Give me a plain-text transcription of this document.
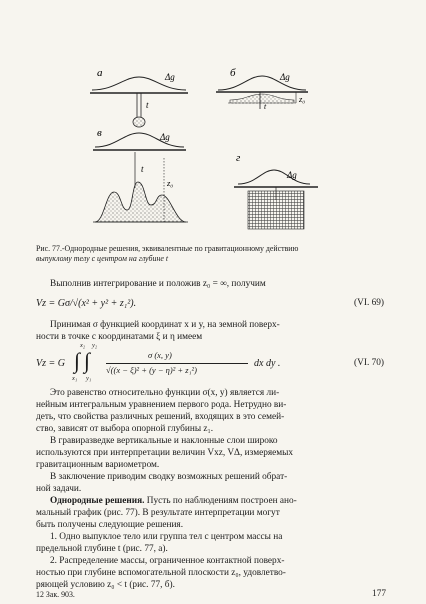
а	Δg
t
б	Δg
t
z₀
в	Δg
t
z₀
г
Δg
Рис. 77.-Однородные решения, эквивалентные по гравитационному действию
выпуклому телу с центром на глубине t
Выполнив интегрирование и положив z₀ = ∞, получим
Vz = Gσ/√(x² + y² + z₁²).	(VI. 69)
Принимая σ функцией координат x и y, на земной поверх-
ности в точке с координатами ξ и η имеем
Vz = G ∫ ∫
x₂
x₁
y₂
y₁
σ (x, y)
√((x − ξ)² + (y − η)² + z₁²)
dx dy .	(VI. 70)
Это равенство относительно функции σ(x, y) является ли-
нейным интегральным уравнением первого рода. Нетрудно ви-
деть, что свойства различных решений, входящих в это семей-
ство, зависят от выбора опорной глубины z₁.
В гравиразведке вертикальные и наклонные слои широко
используются при интерпретации величин Vxz, VΔ, измеряемых
гравитационным вариометром.
В заключение приводим сводку возможных решений обрат-
ной задачи.
Однородные решения. Пусть по наблюдениям построен ано-
мальный график (рис. 77). В результате интерпретации могут
быть получены следующие решения.
1. Одно выпуклое тело или группа тел с центром массы на
предельной глубине t (рис. 77, a).
2. Распределение массы, ограниченное контактной поверх-
ностью при глубине вспомогательной плоскости z₀, удовлетво-
ряющей условию z₀ < t (рис. 77, б).
12 Зак. 903.	177
